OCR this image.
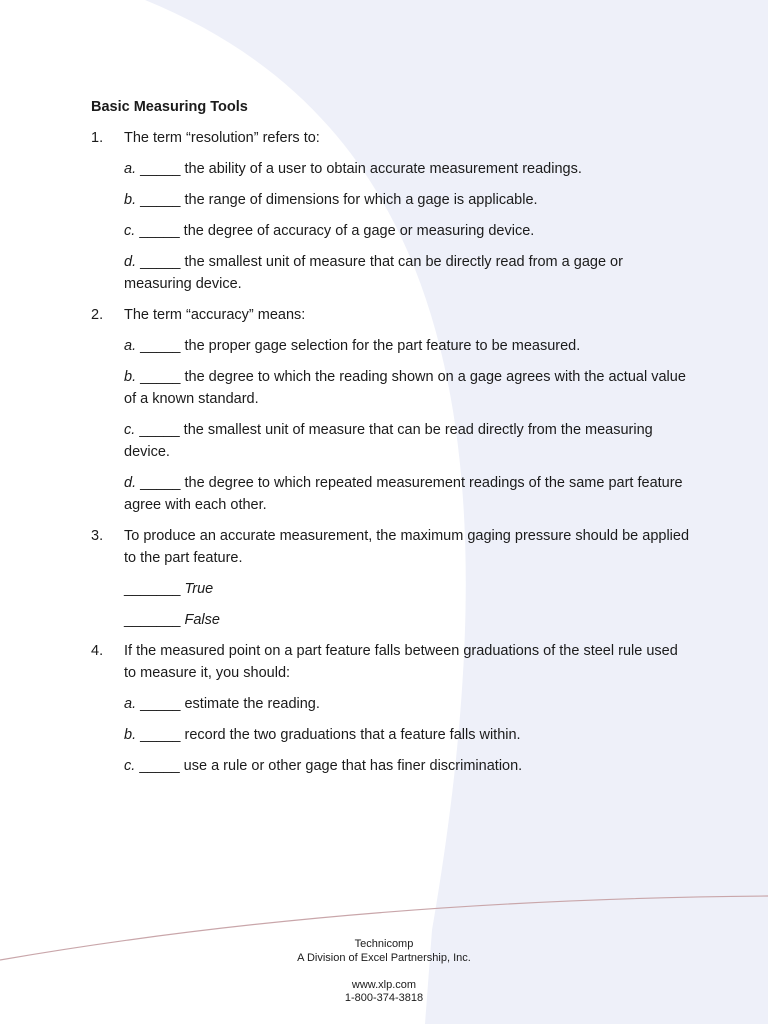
Basic Measuring Tools
1. The term “resolution” refers to:
a. _____ the ability of a user to obtain accurate measurement readings.
b. _____ the range of dimensions for which a gage is applicable.
c. _____ the degree of accuracy of a gage or measuring device.
d. _____ the smallest unit of measure that can be directly read from a gage or measuring device.
2. The term “accuracy” means:
a. _____ the proper gage selection for the part feature to be measured.
b. _____ the degree to which the reading shown on a gage agrees with the actual value of a known standard.
c. _____ the smallest unit of measure that can be read directly from the measuring device.
d. _____ the degree to which repeated measurement readings of the same part feature agree with each other.
3. To produce an accurate measurement, the maximum gaging pressure should be applied to the part feature.
_______ True
_______ False
4. If the measured point on a part feature falls between graduations of the steel rule used to measure it, you should:
a. _____ estimate the reading.
b. _____ record the two graduations that a feature falls within.
c. _____ use a rule or other gage that has finer discrimination.
Technicomp
A Division of Excel Partnership, Inc.
www.xlp.com
1-800-374-3818
